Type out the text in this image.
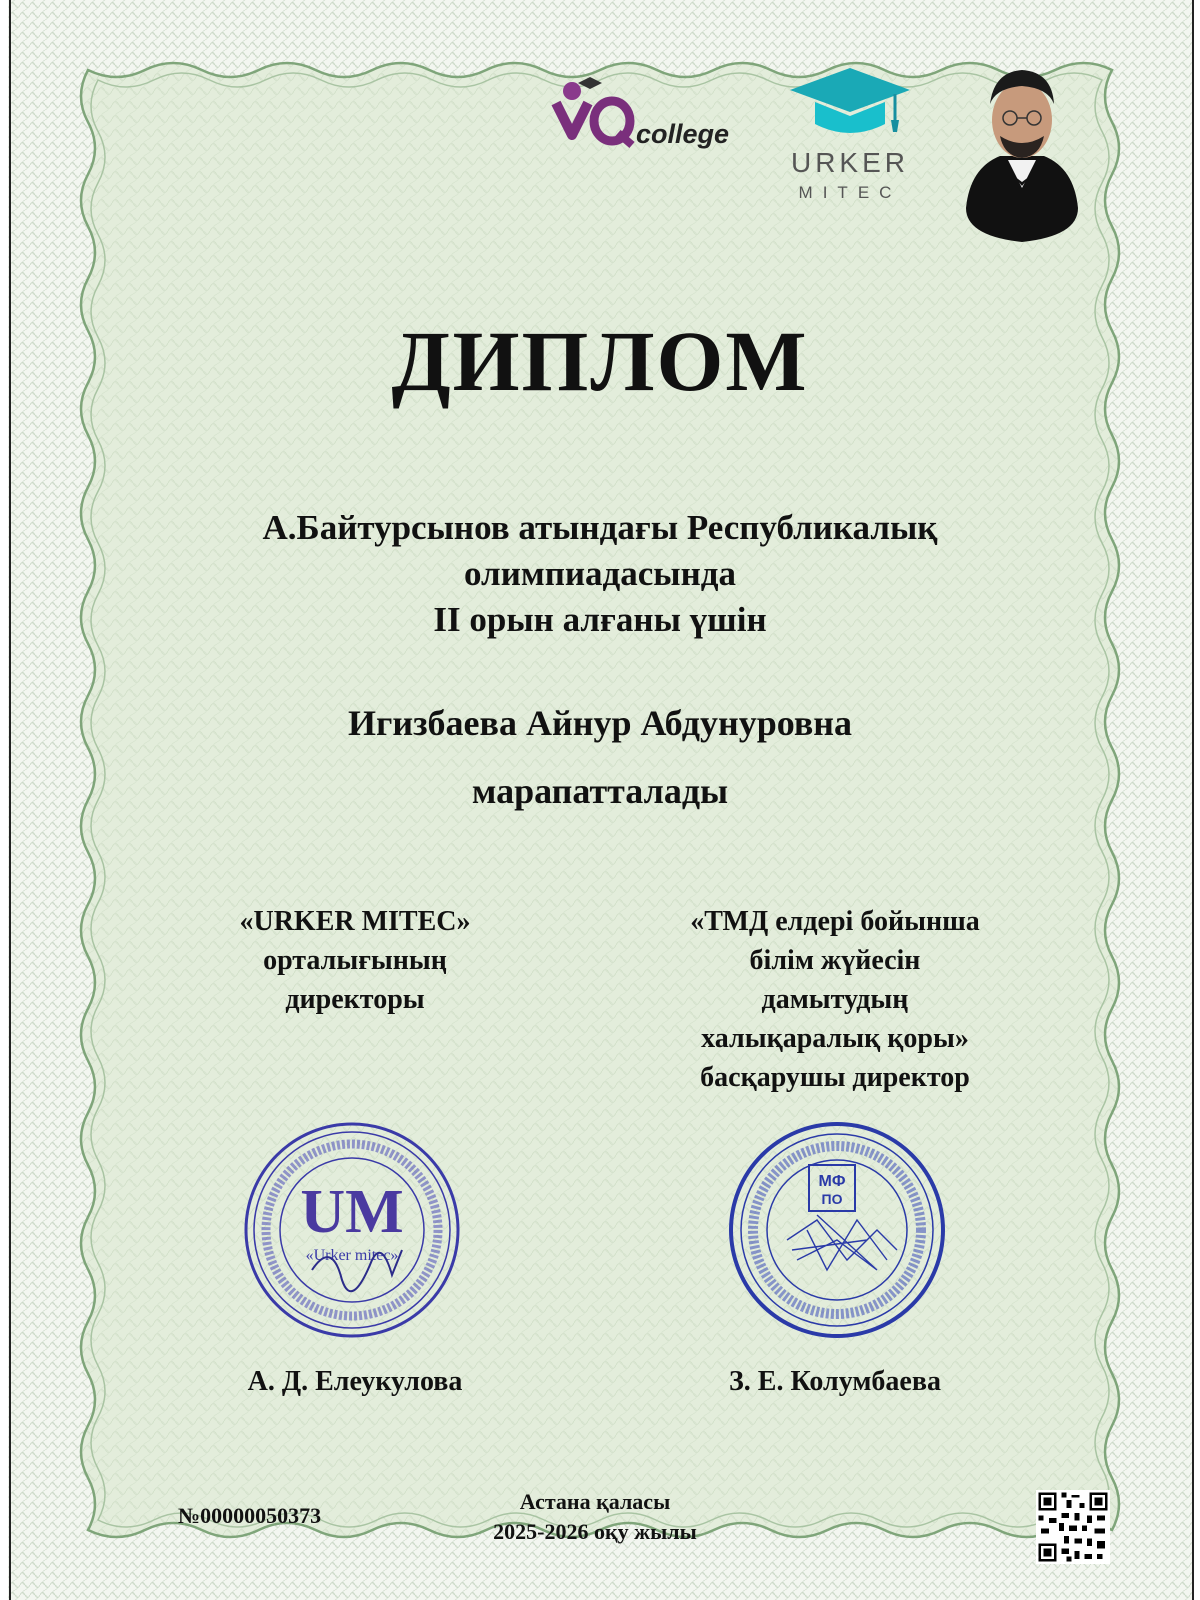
college
URKER
MITEC
ДИПЛОМ
А.Байтурсынов атындағы Республикалық
олимпиадасында
II орын алғаны үшін
Игизбаева Айнур Абдунуровна
марапатталады
«URKER MITEC»
орталығының
директоры
«ТМД елдері бойынша
білім жүйесін
дамытудың
халықаралық қоры»
басқарушы директор
UM
«Urker mitec»
МФ
ПО
А. Д. Елеукулова	З. Е. Колумбаева
№00000050373
Астана қаласы
2025-2026 оқу жылы
